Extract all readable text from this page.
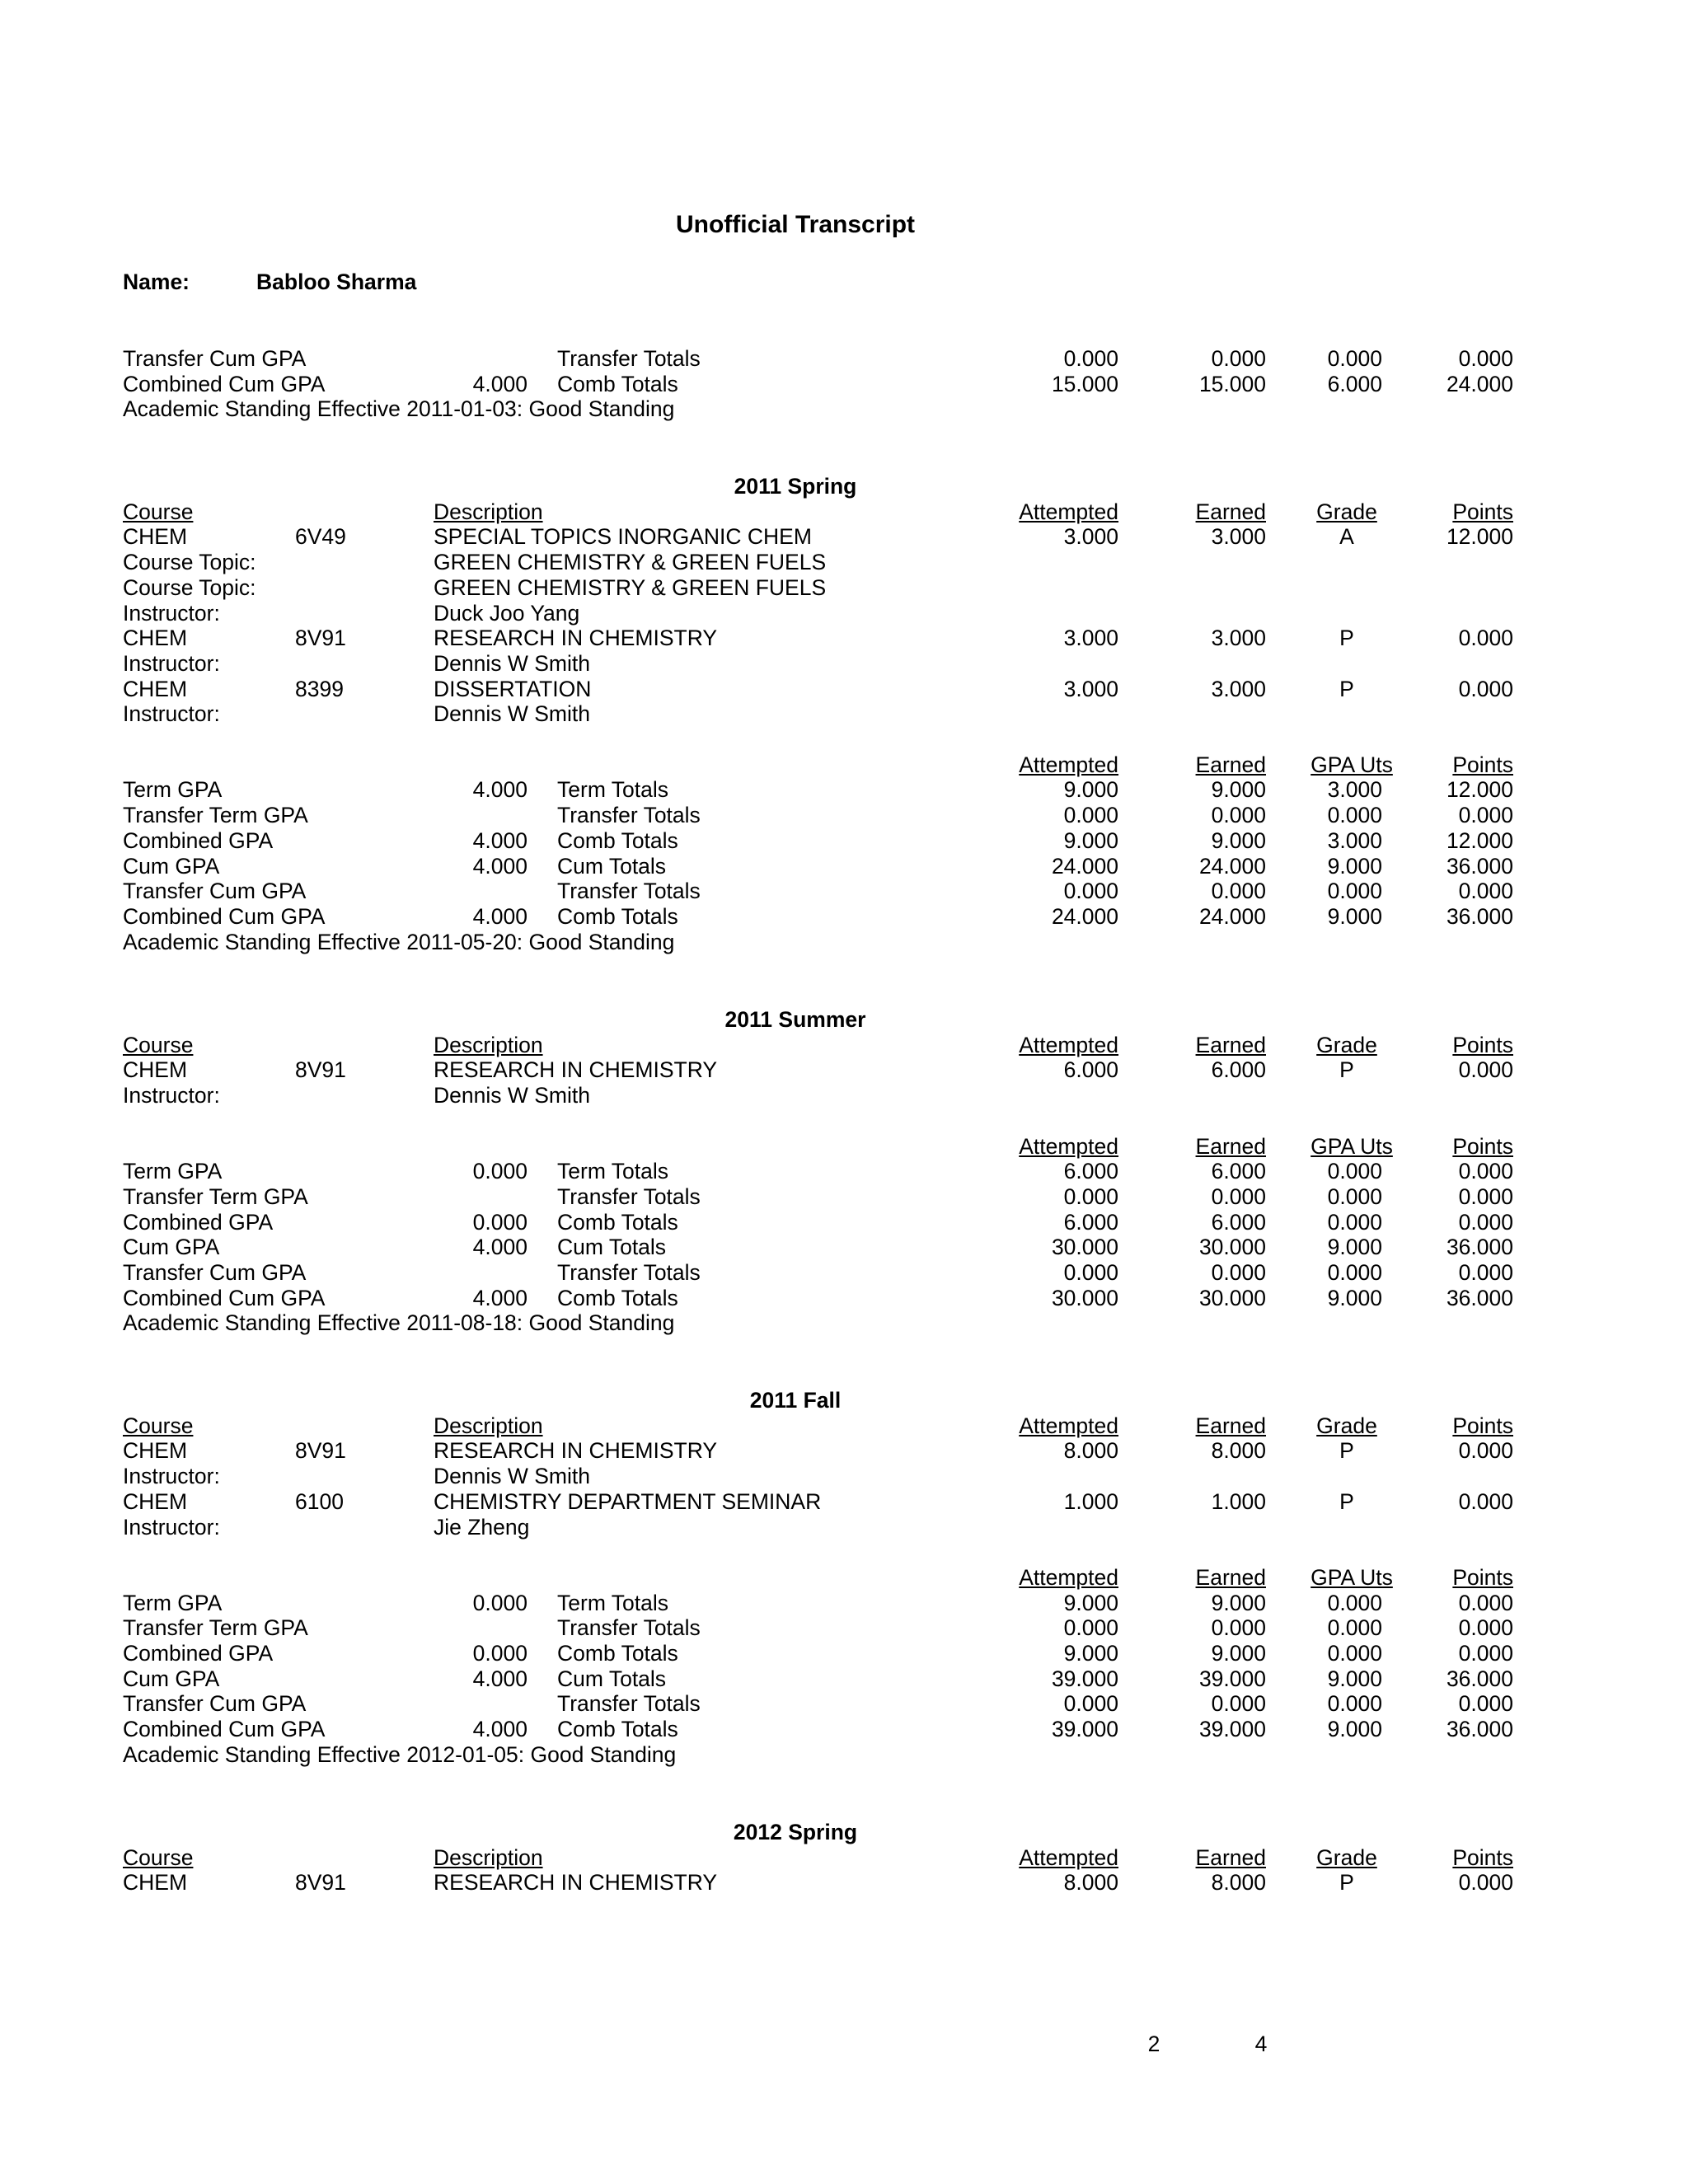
Unofficial Transcript
Name:	Babloo Sharma
Transfer Cum GPA	Transfer Totals	0.000	0.000	0.000	0.000
Combined Cum GPA	4.000 Comb Totals	15.000	15.000	6.000	24.000
Academic Standing Effective 2011-01-03: Good Standing
2011 Spring
Course	Description	Attempted	Earned	Grade	Points
CHEM	6V49	SPECIAL TOPICS INORGANIC CHEM	3.000	3.000	A	12.000
Course Topic:	GREEN CHEMISTRY & GREEN FUELS
Course Topic:	GREEN CHEMISTRY & GREEN FUELS
Instructor:	Duck Joo Yang
CHEM	8V91	RESEARCH IN CHEMISTRY	3.000	3.000	P	0.000
Instructor:	Dennis W Smith
CHEM	8399	DISSERTATION	3.000	3.000	P	0.000
Instructor:	Dennis W Smith
Attempted	Earned	GPA Uts	Points
Term GPA	4.000 Term Totals	9.000	9.000	3.000	12.000
Transfer Term GPA	Transfer Totals	0.000	0.000	0.000	0.000
Combined GPA	4.000 Comb Totals	9.000	9.000	3.000	12.000
Cum GPA	4.000 Cum Totals	24.000	24.000	9.000	36.000
Transfer Cum GPA	Transfer Totals	0.000	0.000	0.000	0.000
Combined Cum GPA	4.000 Comb Totals	24.000	24.000	9.000	36.000
Academic Standing Effective 2011-05-20: Good Standing
2011 Summer
Course	Description	Attempted	Earned	Grade	Points
CHEM	8V91	RESEARCH IN CHEMISTRY	6.000	6.000	P	0.000
Instructor:	Dennis W Smith
Attempted	Earned	GPA Uts	Points
Term GPA	0.000 Term Totals	6.000	6.000	0.000	0.000
Transfer Term GPA	Transfer Totals	0.000	0.000	0.000	0.000
Combined GPA	0.000 Comb Totals	6.000	6.000	0.000	0.000
Cum GPA	4.000 Cum Totals	30.000	30.000	9.000	36.000
Transfer Cum GPA	Transfer Totals	0.000	0.000	0.000	0.000
Combined Cum GPA	4.000 Comb Totals	30.000	30.000	9.000	36.000
Academic Standing Effective 2011-08-18: Good Standing
2011 Fall
Course	Description	Attempted	Earned	Grade	Points
CHEM	8V91	RESEARCH IN CHEMISTRY	8.000	8.000	P	0.000
Instructor:	Dennis W Smith
CHEM	6100	CHEMISTRY DEPARTMENT SEMINAR	1.000	1.000	P	0.000
Instructor:	Jie Zheng
Attempted	Earned	GPA Uts	Points
Term GPA	0.000 Term Totals	9.000	9.000	0.000	0.000
Transfer Term GPA	Transfer Totals	0.000	0.000	0.000	0.000
Combined GPA	0.000 Comb Totals	9.000	9.000	0.000	0.000
Cum GPA	4.000 Cum Totals	39.000	39.000	9.000	36.000
Transfer Cum GPA	Transfer Totals	0.000	0.000	0.000	0.000
Combined Cum GPA	4.000 Comb Totals	39.000	39.000	9.000	36.000
Academic Standing Effective 2012-01-05: Good Standing
2012 Spring
Course	Description	Attempted	Earned	Grade	Points
CHEM	8V91	RESEARCH IN CHEMISTRY	8.000	8.000	P	0.000
2	4
